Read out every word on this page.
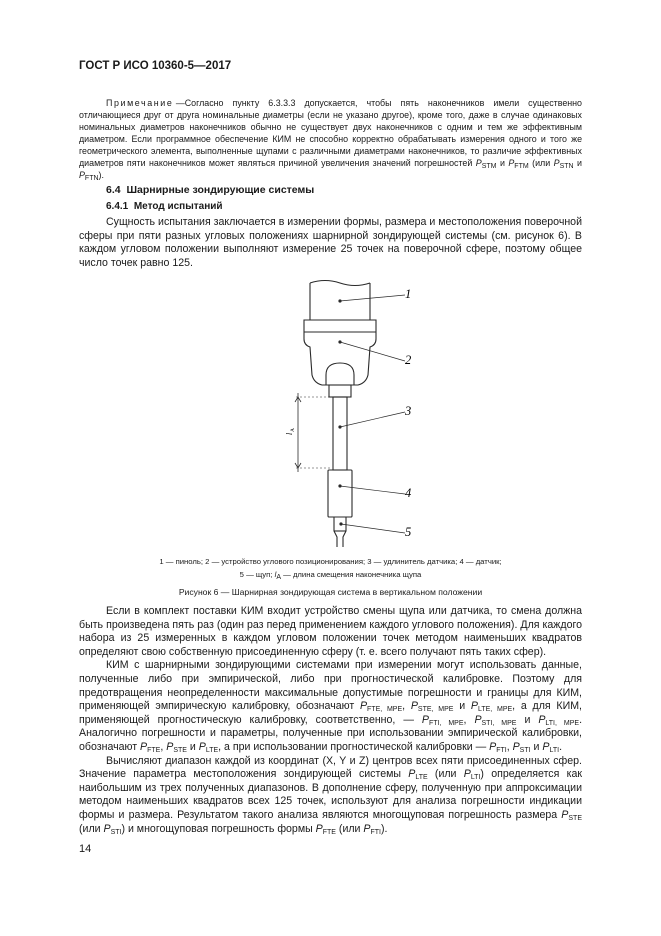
ГОСТ Р ИСО 10360-5—2017
Примечание —Согласно пункту 6.3.3.3 допускается, чтобы пять наконечников имели существенно отличающиеся друг от друга номинальные диаметры (если не указано другое), кроме того, даже в случае одинаковых номинальных диаметров наконечников обычно не существует двух наконечников с одним и тем же эффективным диаметром. Если программное обеспечение КИМ не способно корректно обрабатывать измерения одного и того же геометрического элемента, выполненные щупами с различными диаметрами наконечников, то различие эффективных диаметров пяти наконечников может являться причиной увеличения значений погрешностей $P_{STM}$ и $P_{FTM}$ (или $P_{STN}$ и $P_{FTN}$).
6.4 Шарнирные зондирующие системы
6.4.1 Метод испытаний

Сущность испытания заключается в измерении формы, размера и местоположения поверочной сферы при пяти разных угловых положениях шарнирной зондирующей системы (см. рисунок 6). В каждом угловом положении выполняют измерение 25 точек на поверочной сфере, поэтому общее число точек равно 125.

1
2
3
4
5
l
A
1 — пиноль; 2 — устройство углового позиционирования; 3 — удлинитель датчика; 4 — датчик;
5 — щуп; $l_A$ — длина смещения наконечника щупа
Рисунок 6 — Шарнирная зондирующая система в вертикальном положении

Если в комплект поставки КИМ входит устройство смены щупа или датчика, то смена должна быть произведена пять раз (один раз перед применением каждого углового положения). Для каждого набора из 25 измеренных в каждом угловом положении точек методом наименьших квадратов определяют свою собственную присоединенную сферу (т. е. всего получают пять таких сфер).

КИМ с шарнирными зондирующими системами при измерении могут использовать данные, полученные либо при эмпирической, либо при прогностической калибровке. Поэтому для предотвращения неопределенности максимальные допустимые погрешности и границы для КИМ, применяющей эмпирическую калибровку, обозначают $P_{FTE, MPE}$, $P_{STE, MPE}$ и $P_{LTE, MPE}$, а для КИМ, применяющей прогностическую калибровку, соответственно, — $P_{FTI, MPE}$, $P_{STI, MPE}$ и $P_{LTI, MPE}$. Аналогично погрешности и параметры, полученные при использовании эмпирической калибровки, обозначают $P_{FTE}$, $P_{STE}$ и $P_{LTE}$, а при использовании прогностической калибровки — $P_{FTI}$, $P_{STI}$ и $P_{LTI}$.

Вычисляют диапазон каждой из координат (X, Y и Z) центров всех пяти присоединенных сфер. Значение параметра местоположения зондирующей системы $P_{LTE}$ (или $P_{LTI}$) определяется как наибольшим из трех полученных диапазонов. В дополнение сферу, полученную при аппроксимации методом наименьших квадратов всех 125 точек, используют для анализа погрешности индикации формы и размера. Результатом такого анализа являются многощуповая погрешность размера $P_{STE}$ (или $P_{STI}$) и многощуповая погрешность формы $P_{FTE}$ (или $P_{FTI}$).

14
